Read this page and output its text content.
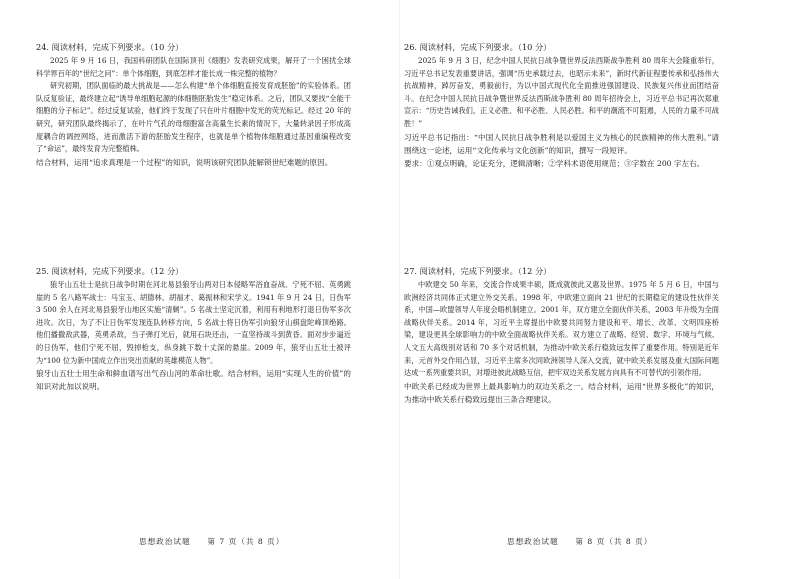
24. 阅读材料，完成下列要求。（10 分）

2025 年 9 月 16 日，我国科研团队在国际顶刊《细胞》发表研究成果，解开了一个困扰全球科学界百年的“世纪之问”：单个体细胞，到底怎样才能长成一株完整的植物？

研究初期，团队面临的最大挑战是——怎么构建“单个体细胞直接发育成胚胎”的实验体系。团队反复验证，最终建立起“诱导单细胞起源的体细胞胚胎发生”稳定体系。之后，团队又要找“全能干细胞的分子标记”。经过反复试验，他们终于发现了只在叶片细胞中发光的荧光标记。经过 20 年的研究，研究团队最终揭示了，在叶片气孔的母细胞富含高量生长素的情况下，大量转录因子形成高度耦合的调控网络，进而激活下游的胚胎发生程序，也就是单个植物体细胞通过基因重编程改变了“命运”，最终发育为完整植株。

结合材料，运用“追求真理是一个过程”的知识，说明该研究团队能解锁世纪难题的原因。

25. 阅读材料，完成下列要求。（12 分）

狼牙山五壮士是抗日战争时期在河北易县狼牙山两对日本侵略军浴血奋战、宁死不屈、英勇跳崖的 5 名八路军战士：马宝玉、胡德林、胡福才、葛振林和宋学义。1941 年 9 月 24 日，日伪军 3 500 余人在河北易县狼牙山地区实施“清剿”。5 名战士坚定沉着，利用有利地形打退日伪军多次进攻。次日，为了不让日伪军发现连队转移方向，5 名战士将日伪军引向狼牙山棋盘陀峰顶绝路。他们播撒敌武器，英勇杀敌，当子弹打光后，就用石块还击，一直坚持战斗到黄昏。面对步步逼近的日伪军，他们宁死不屈，毁掉枪支，纵身跳下数十丈深的悬崖。2009 年，狼牙山五壮士被评为“100 位为新中国成立作出突出贡献的英雄模范人物”。

狼牙山五壮士用生命和鲜血谱写出气吞山河的革命壮歌。结合材料，运用“实现人生的价值”的知识对此加以说明。

思想政治试题 第 7 页（共 8 页）

26. 阅读材料，完成下列要求。（10 分）

2025 年 9 月 3 日，纪念中国人民抗日战争暨世界反法西斯战争胜利 80 周年大会隆重举行，习近平总书记发表重要讲话，强调“历史承载过去，也昭示未来”，新时代新征程要传承和弘扬伟大抗战精神，踔厉奋发，勇毅前行，为以中国式现代化全面推进强国建设、民族复兴伟业而团结奋斗。在纪念中国人民抗日战争暨世界反法西斯战争胜利 80 周年招待会上，习近平总书记再次郑重宣示：“历史告诫我们，正义必胜、和平必胜、人民必胜。和平的潮流不可阻遏，人民的力量不可战胜！”

习近平总书记指出：“中国人民抗日战争胜利是以爱国主义为核心的民族精神的伟大胜利。”请围绕这一论述，运用“文化传承与文化创新”的知识，撰写一段短评。

要求：①观点明确，论证充分，逻辑清晰；②学科术语使用规范；③字数在 200 字左右。

27. 阅读材料，完成下列要求。（12 分）

中欧建交 50 年来，交流合作成果丰硕，既成就彼此又惠及世界。1975 年 5 月 6 日，中国与欧洲经济共同体正式建立外交关系。1998 年，中欧建立面向 21 世纪的长期稳定的建设性伙伴关系，中国—欧盟领导人年度会晤机制建立。2001 年，双方建立全面伙伴关系，2003 年升级为全面战略伙伴关系。2014 年，习近平主席提出中欧要共同努力建设和平、增长、改革、文明四座桥梁，建设更具全球影响力的中欧全面战略伙伴关系。双方建立了战略、经贸、数字、环境与气候、人文五大高级别对话和 70 多个对话机制，为推动中欧关系行稳致远发挥了重要作用。特别是近年来，元首外交作用凸显，习近平主席多次同欧洲领导人深入交流，就中欧关系发展及重大国际问题达成一系列重要共识，对增进彼此战略互信，把牢双边关系发展方向具有不可替代的引领作用。

中欧关系已经成为世界上最具影响力的双边关系之一。结合材料，运用“世界多极化”的知识，为推动中欧关系行稳致远提出三条合理建议。

思想政治试题 第 8 页（共 8 页）
